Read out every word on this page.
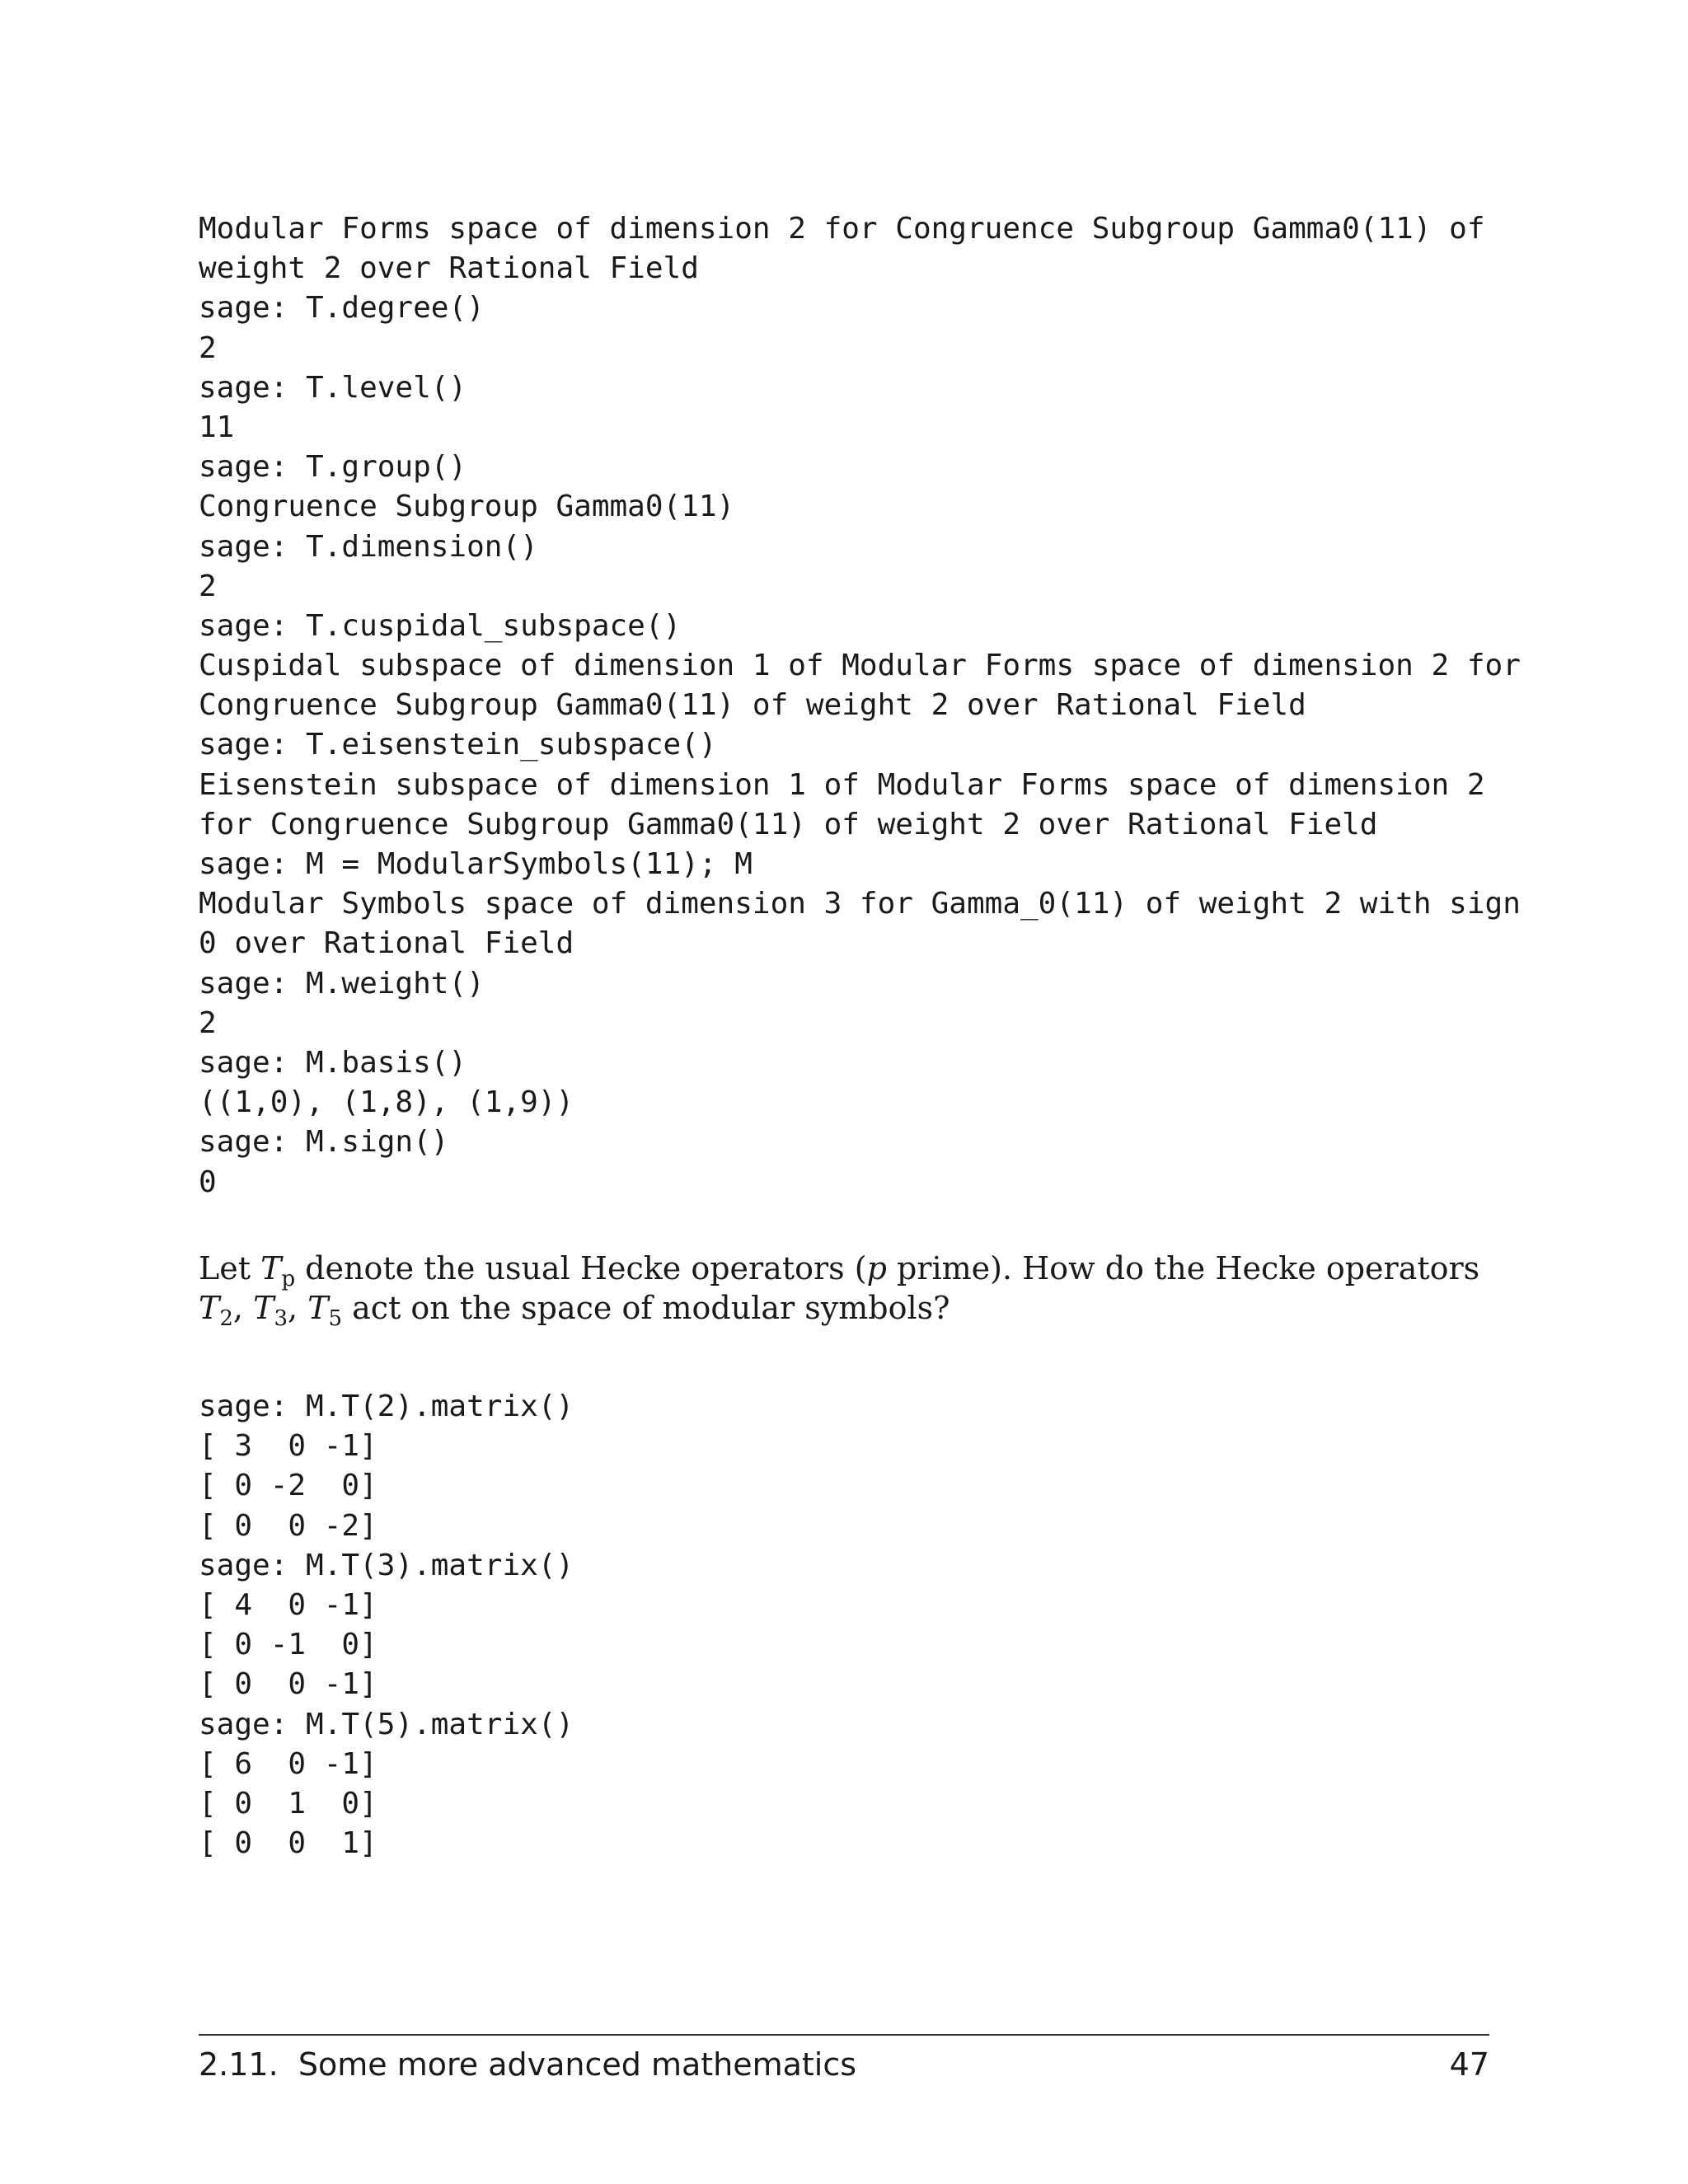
Modular Forms space of dimension 2 for Congruence Subgroup Gamma0(11) of
weight 2 over Rational Field
sage: T.degree()
2
sage: T.level()
11
sage: T.group()
Congruence Subgroup Gamma0(11)
sage: T.dimension()
2
sage: T.cuspidal_subspace()
Cuspidal subspace of dimension 1 of Modular Forms space of dimension 2 for
Congruence Subgroup Gamma0(11) of weight 2 over Rational Field
sage: T.eisenstein_subspace()
Eisenstein subspace of dimension 1 of Modular Forms space of dimension 2
for Congruence Subgroup Gamma0(11) of weight 2 over Rational Field
sage: M = ModularSymbols(11); M
Modular Symbols space of dimension 3 for Gamma_0(11) of weight 2 with sign
0 over Rational Field
sage: M.weight()
2
sage: M.basis()
((1,0), (1,8), (1,9))
sage: M.sign()
0

Let $T_p$ denote the usual Hecke operators (p prime). How do the Hecke operators $T_2$, $T_3$, $T_5$ act on the space of modular symbols?

sage: M.T(2).matrix()
[ 3  0 -1]
[ 0 -2  0]
[ 0  0 -2]
sage: M.T(3).matrix()
[ 4  0 -1]
[ 0 -1  0]
[ 0  0 -1]
sage: M.T(5).matrix()
[ 6  0 -1]
[ 0  1  0]
[ 0  0  1]
2.11.  Some more advanced mathematics	47
